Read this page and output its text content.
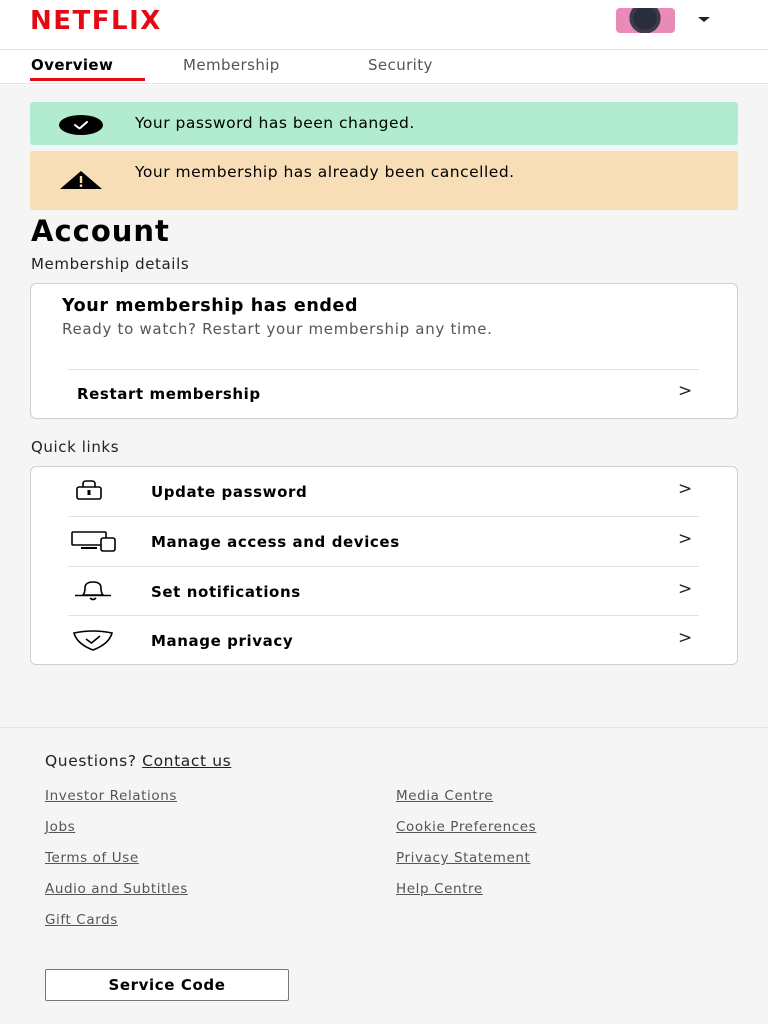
NETFLIX
Overview	Membership	Security
Your password has been changed.
Your membership has already been cancelled.
Account
Membership details
Your membership has ended
Ready to watch? Restart your membership any time.
Restart membership	>
Quick links
Update password	>
Manage access and devices	>
Set notifications	>
Manage privacy	>
Questions? Contact us
Investor Relations	Media Centre
Jobs	Cookie Preferences
Terms of Use	Privacy Statement
Audio and Subtitles	Help Centre
Gift Cards
Service Code
